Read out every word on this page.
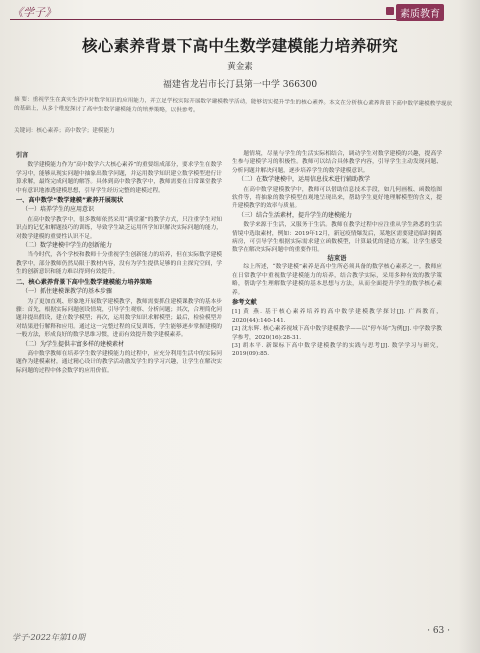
《学子》	素质教育
核心素养背景下高中生数学建模能力培养研究
黄金素
福建省龙岩市长汀县第一中学 366300
摘 要：重视学生在真实生活中对数学知识的应用能力，并立足学校实际开展数学建模教学活动，能够切实提升学生的核心素养。本文在分析核心素养背景下高中数学建模教学现状的基础上，从多个维度探讨了高中生数学建模能力的培养策略，以供参考。
关键词：核心素养；高中数学；建模能力
引言

数学建模能力作为“高中数学六大核心素养”的重要组成部分，要求学生在数学学习中，能够从现实问题中抽象出数学问题，并运用数学知识建立数学模型进行计算求解，最终完成问题的解答。具体到高中数学教学中，教师需要在日常课堂教学中有意识地渗透建模思想，引导学生经历完整的建模过程。

一、高中数学“数学建模”素养开展现状
（一）培养学生的应用意识

在高中数学教学中，很多教师依然采用“满堂灌”的教学方式，只注重学生对知识点的记忆和解题技巧的训练，导致学生缺乏运用所学知识解决实际问题的能力，对数学建模的重要性认识不足。

（二）数学建模中学生的创新能力

当今时代，各个学校和教师十分重视学生创新能力的培养，但在实际数学建模教学中，部分教师仍然局限于教材内容，没有为学生提供足够的自主探究空间，学生的创新意识和能力难以得到有效提升。

二、核心素养背景下高中生数学建模能力培养策略
（一）抓住建模课教学的基本步骤

为了更加直观、形象地开展数学建模教学，教师需要抓住建模课教学的基本步骤：首先，根据实际问题创设情境，引导学生观察、分析问题；其次，合理简化问题并提出假设，建立数学模型；再次，运用数学知识求解模型；最后，检验模型并对结果进行解释和应用。通过这一完整过程的反复训练，学生能够逐步掌握建模的一般方法，形成良好的数学思维习惯，进而有效提升数学建模素养。

（二）为学生提供丰富多样的建模素材

高中数学教师在培养学生数学建模能力的过程中，应充分利用生活中的实际问题作为建模素材，通过精心设计的教学活动激发学生的学习兴趣，让学生在解决实际问题的过程中体会数学的应用价值。

题情境，尽量与学生的生活实际相结合，调动学生对数学建模的兴趣，提高学生参与建模学习的积极性。教师可以结合具体教学内容，引导学生主动发现问题、分析问题并解决问题，逐步培养学生的数学建模意识。

（二）在数学建模中，运用信息技术进行辅助教学

在高中数学建模教学中，教师可以借助信息技术手段，如几何画板、函数绘图软件等，将抽象的数学模型直观地呈现出来，帮助学生更好地理解模型的含义，提升建模教学的效率与质量。

（三）结合生活素材，提升学生的建模能力

数学来源于生活，又服务于生活。教师在教学过程中应注重从学生熟悉的生活情境中选取素材，例如：2019年12月，新冠疫情爆发后，某地区需要建造临时隔离病房，可引导学生根据实际需求建立函数模型，计算最优的建造方案，让学生感受数学在解决实际问题中的重要作用。

结束语

综上所述，“数学建模”素养是高中生所必须具备的数学核心素养之一。教师应在日常教学中重视数学建模能力的培养，结合教学实际，采用多种有效的教学策略，帮助学生理解数学建模的基本思想与方法，从而全面提升学生的数学核心素养。

参考文献

[1] 黄 燕. 基于核心素养培养的高中数学建模教学探讨[J]. 广西教育，2020(44):140-141.

[2] 沈东辉. 核心素养视域下高中数学建模教学——以“停车场”为例[J]. 中学数学教学参考，2020(16):28-31.

[3] 胡本平. 新课标下高中数学建模教学的实践与思考[J]. 数学学习与研究，2019(09):85.

学子·2022年第10期
· 63 ·
